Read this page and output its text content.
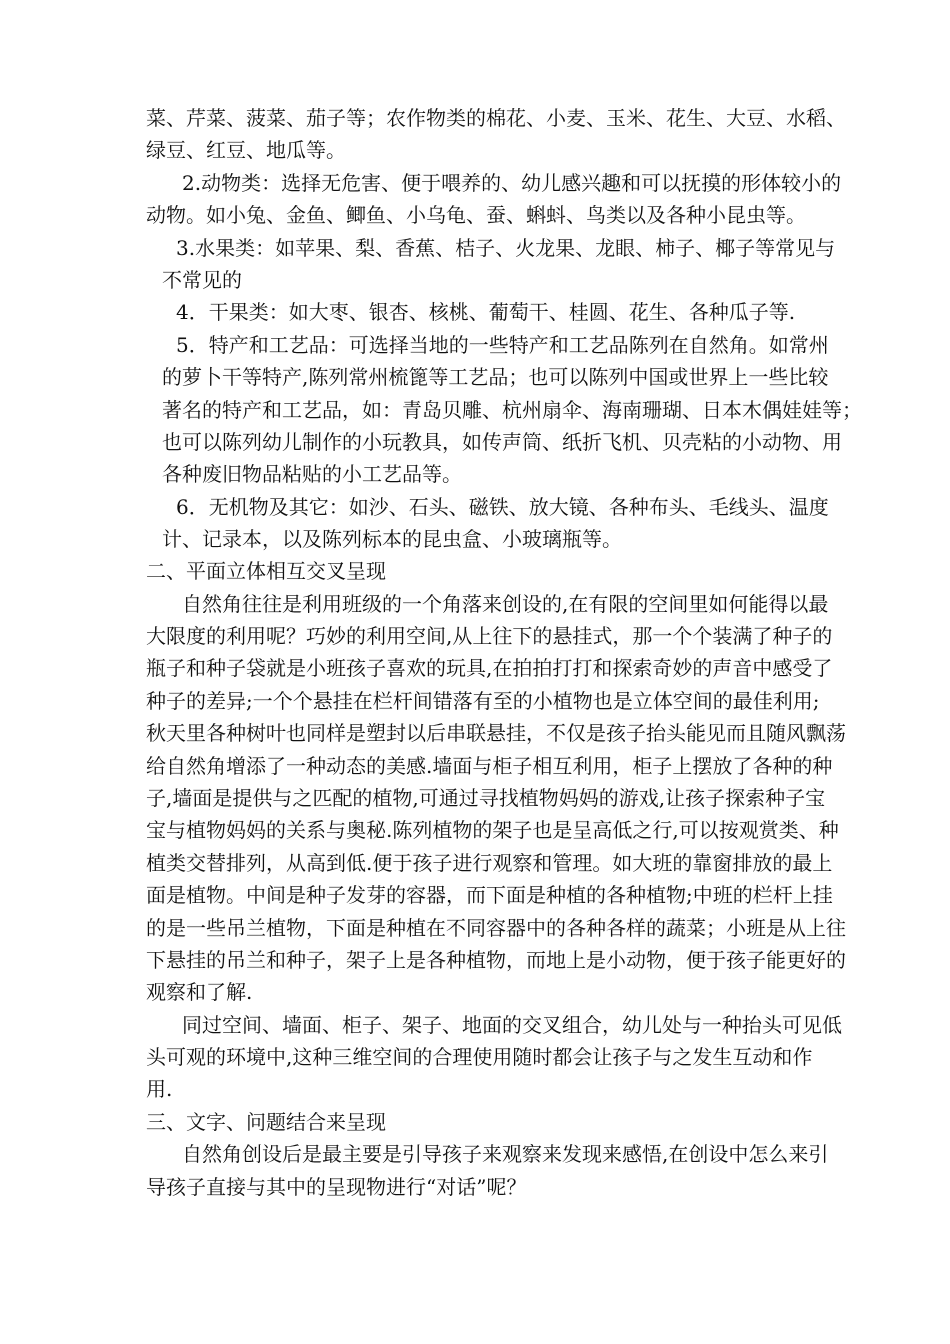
菜、芹菜、菠菜、茄子等；农作物类的棉花、小麦、玉米、花生、大豆、水稻、

绿豆、红豆、地瓜等。

2.动物类：选择无危害、便于喂养的、幼儿感兴趣和可以抚摸的形体较小的

动物。如小兔、金鱼、鲫鱼、小乌龟、蚕、蝌蚪、鸟类以及各种小昆虫等。

3.水果类：如苹果、梨、香蕉、桔子、火龙果、龙眼、柿子、椰子等常见与

不常见的

4．干果类：如大枣、银杏、核桃、葡萄干、桂圆、花生、各种瓜子等.

5．特产和工艺品：可选择当地的一些特产和工艺品陈列在自然角。如常州

的萝卜干等特产,陈列常州梳篦等工艺品；也可以陈列中国或世界上一些比较

著名的特产和工艺品，如：青岛贝雕、杭州扇伞、海南珊瑚、日本木偶娃娃等；

也可以陈列幼儿制作的小玩教具，如传声筒、纸折飞机、贝壳粘的小动物、用

各种废旧物品粘贴的小工艺品等。

6．无机物及其它：如沙、石头、磁铁、放大镜、各种布头、毛线头、温度

计、记录本，以及陈列标本的昆虫盒、小玻璃瓶等。

二、平面立体相互交叉呈现

自然角往往是利用班级的一个角落来创设的,在有限的空间里如何能得以最

大限度的利用呢？巧妙的利用空间,从上往下的悬挂式，那一个个装满了种子的

瓶子和种子袋就是小班孩子喜欢的玩具,在拍拍打打和探索奇妙的声音中感受了

种子的差异;一个个悬挂在栏杆间错落有至的小植物也是立体空间的最佳利用;

秋天里各种树叶也同样是塑封以后串联悬挂，不仅是孩子抬头能见而且随风飘荡

给自然角增添了一种动态的美感.墙面与柜子相互利用，柜子上摆放了各种的种

子,墙面是提供与之匹配的植物,可通过寻找植物妈妈的游戏,让孩子探索种子宝

宝与植物妈妈的关系与奥秘.陈列植物的架子也是呈高低之行,可以按观赏类、种

植类交替排列，从高到低.便于孩子进行观察和管理。如大班的靠窗排放的最上

面是植物。中间是种子发芽的容器，而下面是种植的各种植物;中班的栏杆上挂

的是一些吊兰植物，下面是种植在不同容器中的各种各样的蔬菜；小班是从上往

下悬挂的吊兰和种子，架子上是各种植物，而地上是小动物，便于孩子能更好的

观察和了解.

同过空间、墙面、柜子、架子、地面的交叉组合，幼儿处与一种抬头可见低

头可观的环境中,这种三维空间的合理使用随时都会让孩子与之发生互动和作

用.

三、文字、问题结合来呈现

自然角创设后是最主要是引导孩子来观察来发现来感悟,在创设中怎么来引

导孩子直接与其中的呈现物进行“对话”呢？
